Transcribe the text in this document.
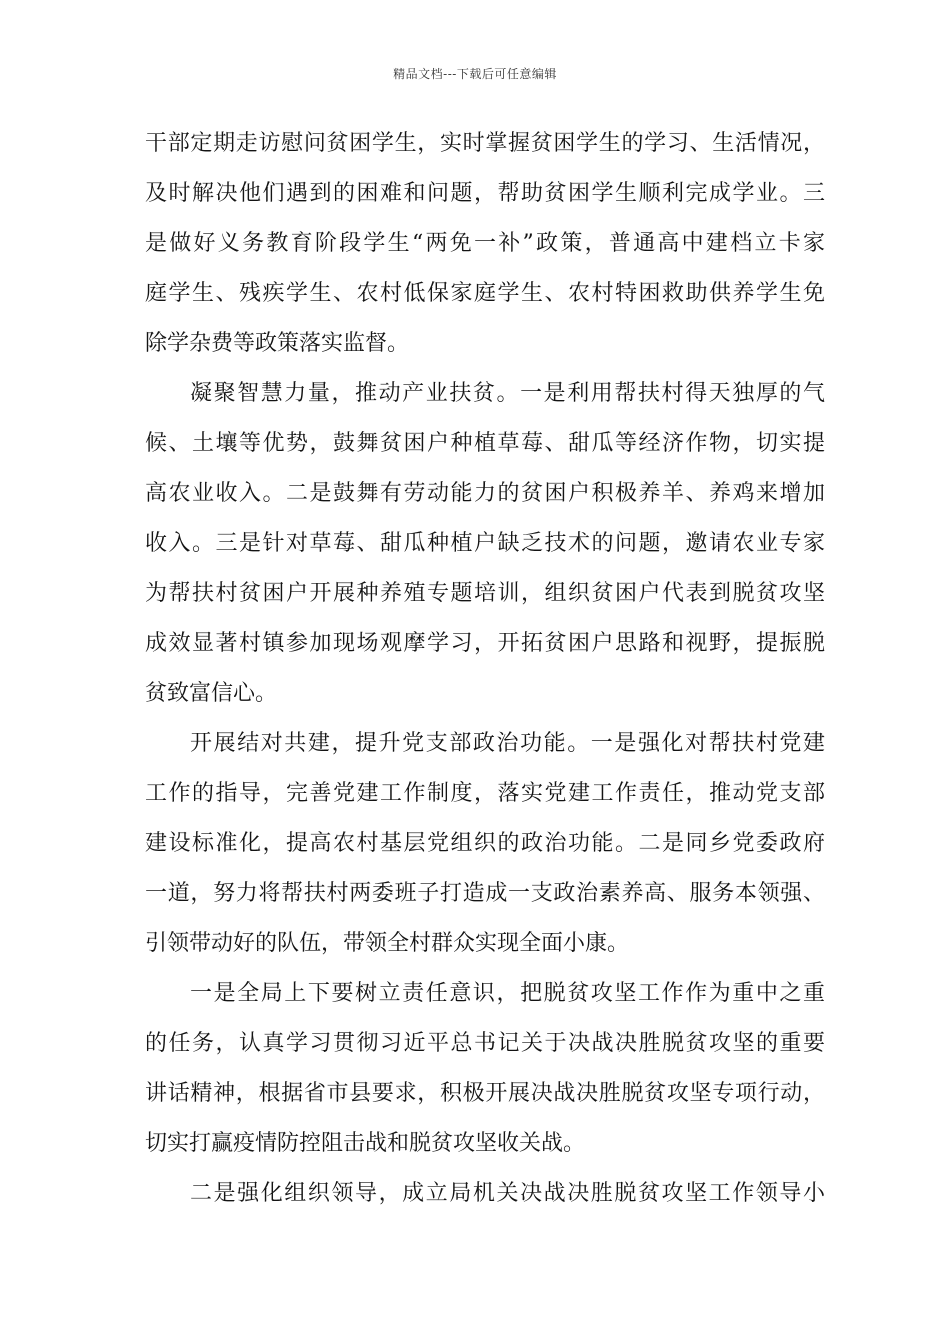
精品文档---下载后可任意编辑
干部定期走访慰问贫困学生，实时掌握贫困学生的学习、生活情况，
及时解决他们遇到的困难和问题，帮助贫困学生顺利完成学业。三
是做好义务教育阶段学生“两免一补”政策，普通高中建档立卡家
庭学生、残疾学生、农村低保家庭学生、农村特困救助供养学生免
除学杂费等政策落实监督。
凝聚智慧力量，推动产业扶贫。一是利用帮扶村得天独厚的气
候、土壤等优势，鼓舞贫困户种植草莓、甜瓜等经济作物，切实提
高农业收入。二是鼓舞有劳动能力的贫困户积极养羊、养鸡来增加
收入。三是针对草莓、甜瓜种植户缺乏技术的问题，邀请农业专家
为帮扶村贫困户开展种养殖专题培训，组织贫困户代表到脱贫攻坚
成效显著村镇参加现场观摩学习，开拓贫困户思路和视野，提振脱
贫致富信心。
开展结对共建，提升党支部政治功能。一是强化对帮扶村党建
工作的指导，完善党建工作制度，落实党建工作责任，推动党支部
建设标准化，提高农村基层党组织的政治功能。二是同乡党委政府
一道，努力将帮扶村两委班子打造成一支政治素养高、服务本领强、
引领带动好的队伍，带领全村群众实现全面小康。
一是全局上下要树立责任意识，把脱贫攻坚工作作为重中之重
的任务，认真学习贯彻习近平总书记关于决战决胜脱贫攻坚的重要
讲话精神，根据省市县要求，积极开展决战决胜脱贫攻坚专项行动，
切实打赢疫情防控阻击战和脱贫攻坚收关战。
二是强化组织领导，成立局机关决战决胜脱贫攻坚工作领导小
